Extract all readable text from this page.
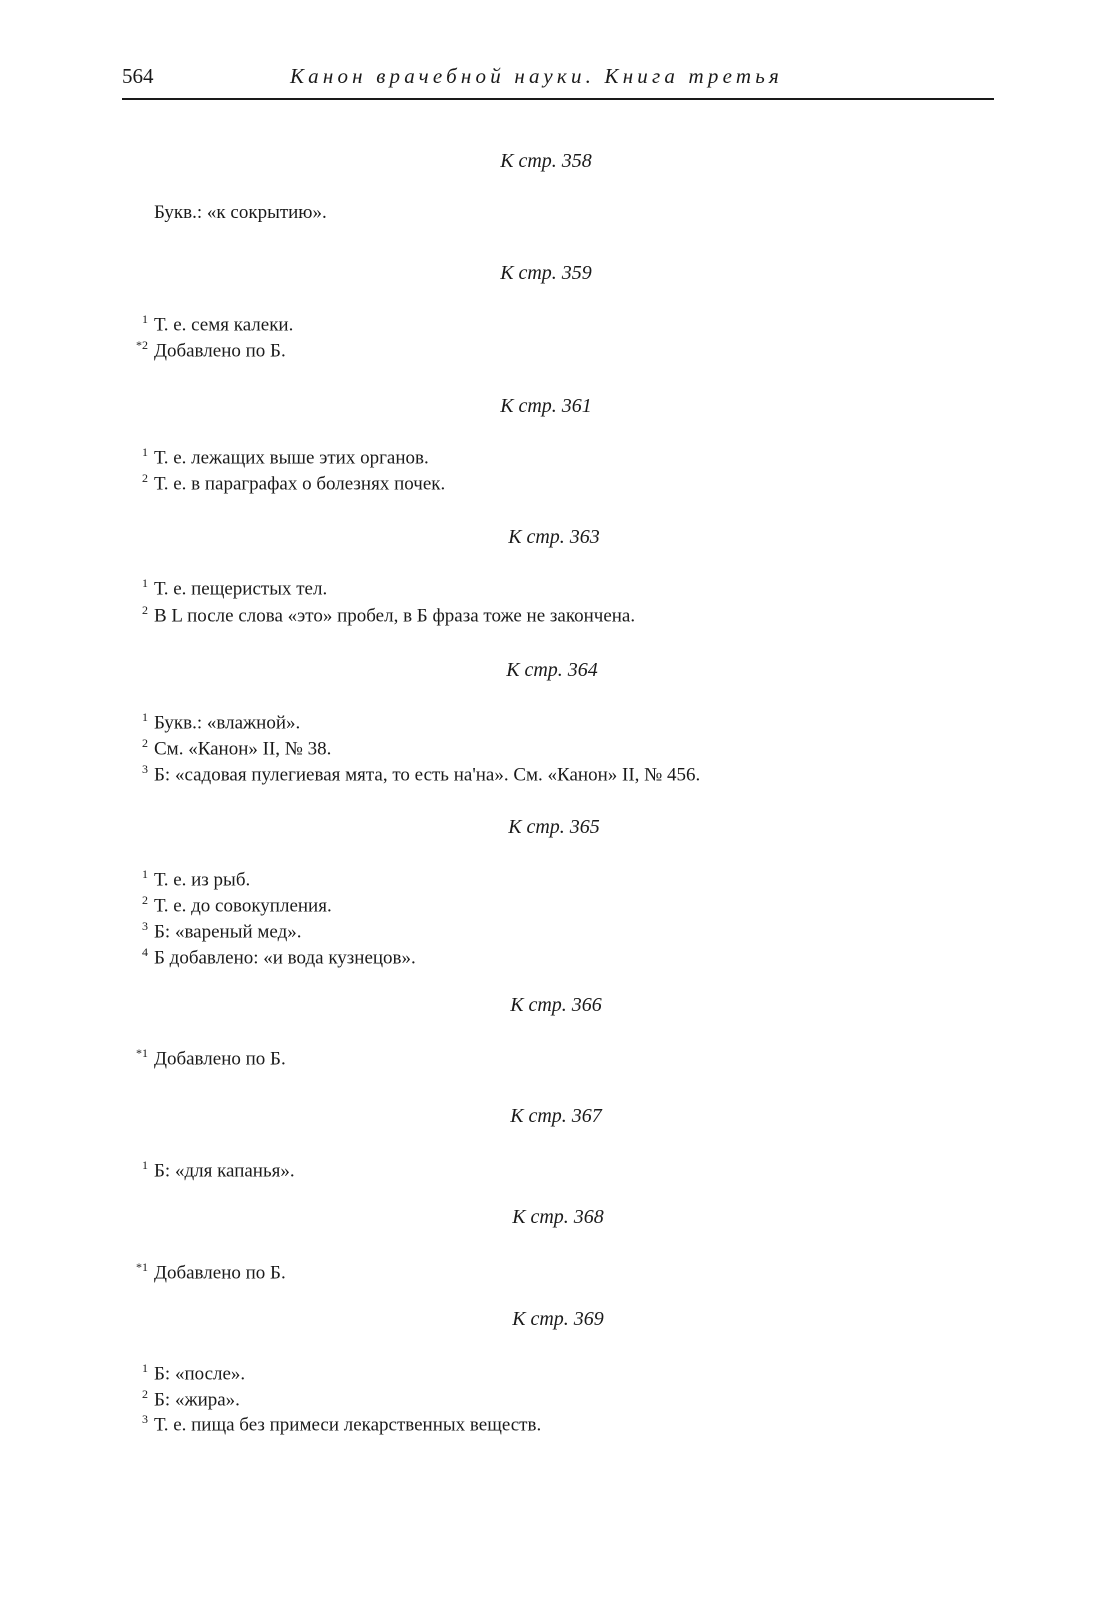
564	Канон врачебной науки. Книга третья
К стр. 358
Букв.: «к сокрытию».
К стр. 359
1 Т. е. семя калеки.
*2 Добавлено по Б.
К стр. 361
1 Т. е. лежащих выше этих органов.
2 Т. е. в параграфах о болезнях почек.
К стр. 363
1 Т. е. пещеристых тел.
2 В L после слова «это» пробел, в Б фраза тоже не закончена.
К стр. 364
1 Букв.: «влажной».
2 См. «Канон» II, № 38.
3 Б: «садовая пулегиевая мята, то есть на'на». См. «Канон» II, № 456.
К стр. 365
1 Т. е. из рыб.
2 Т. е. до совокупления.
3 Б: «вареный мед».
4 Б добавлено: «и вода кузнецов».
К стр. 366
*1 Добавлено по Б.
К стр. 367
1 Б: «для капанья».
К стр. 368
*1 Добавлено по Б.
К стр. 369
1 Б: «после».
2 Б: «жира».
3 Т. е. пища без примеси лекарственных веществ.
